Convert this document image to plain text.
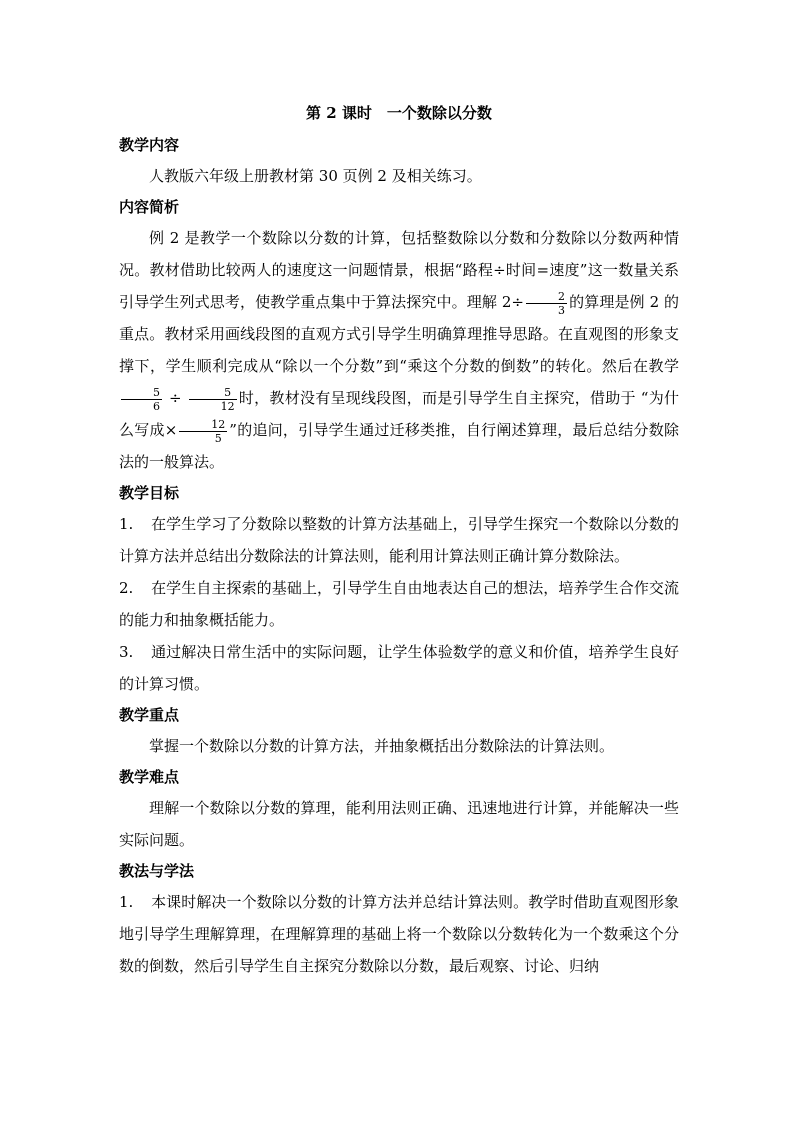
第 2 课时　一个数除以分数

教学内容

人教版六年级上册教材第 30 页例 2 及相关练习。

内容简析

例 2 是教学一个数除以分数的计算，包括整数除以分数和分数除以分数两种情况。教材借助比较两人的速度这一问题情景，根据“路程÷时间=速度”这一数量关系引导学生列式思考，使教学重点集中于算法探究中。理解 $2\div \frac{2}{3}$ 的算理是例 2 的重点。教材采用画线段图的直观方式引导学生明确算理推导思路。在直观图的形象支撑下，学生顺利完成从“除以一个分数”到“乘这个分数的倒数”的转化。然后在教学
$\frac{5}{6} \div \frac{5}{12}$ 时，教材没有呈现线段图，而是引导学生自主探究，借助于 “为什么写成× $\frac{12}{5}$ ”的追问，引导学生通过迁移类推，自行阐述算理，最后总结分数除法的一般算法。

教学目标

1. 在学生学习了分数除以整数的计算方法基础上，引导学生探究一个数除以分数的计算方法并总结出分数除法的计算法则，能利用计算法则正确计算分数除法。

2. 在学生自主探索的基础上，引导学生自由地表达自己的想法，培养学生合作交流的能力和抽象概括能力。

3. 通过解决日常生活中的实际问题，让学生体验数学的意义和价值，培养学生良好的计算习惯。

教学重点

掌握一个数除以分数的计算方法，并抽象概括出分数除法的计算法则。

教学难点

理解一个数除以分数的算理，能利用法则正确、迅速地进行计算，并能解决一些实际问题。

教法与学法

1. 本课时解决一个数除以分数的计算方法并总结计算法则。教学时借助直观图形象地引导学生理解算理，在理解算理的基础上将一个数除以分数转化为一个数乘这个分数的倒数，然后引导学生自主探究分数除以分数，最后观察、讨论、归纳
